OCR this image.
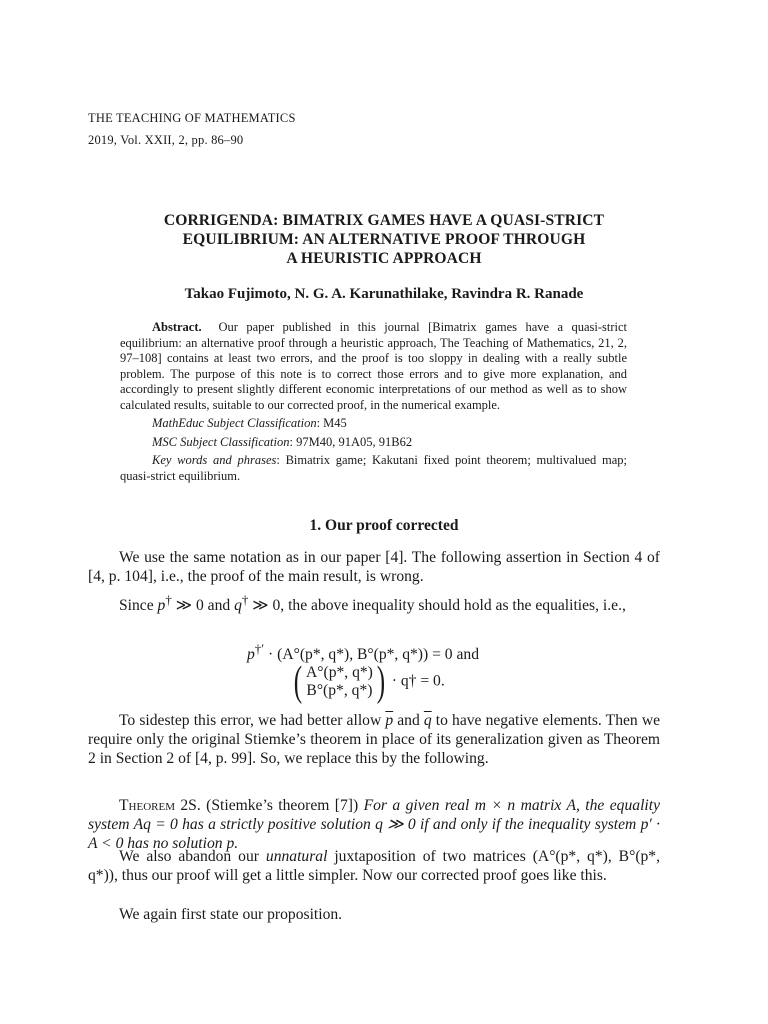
THE TEACHING OF MATHEMATICS
2019, Vol. XXII, 2, pp. 86–90
CORRIGENDA: BIMATRIX GAMES HAVE A QUASI-STRICT
EQUILIBRIUM: AN ALTERNATIVE PROOF THROUGH
A HEURISTIC APPROACH
Takao Fujimoto, N. G. A. Karunathilake, Ravindra R. Ranade

Abstract. Our paper published in this journal [Bimatrix games have a quasi-strict equilibrium: an alternative proof through a heuristic approach, The Teaching of Mathematics, 21, 2, 97–108] contains at least two errors, and the proof is too sloppy in dealing with a really subtle problem. The purpose of this note is to correct those errors and to give more explanation, and accordingly to present slightly different economic interpretations of our method as well as to show calculated results, suitable to our corrected proof, in the numerical example.

MathEduc Subject Classification: M45

MSC Subject Classification: 97M40, 91A05, 91B62

Key words and phrases: Bimatrix game; Kakutani fixed point theorem; multivalued map; quasi-strict equilibrium.

1. Our proof corrected

We use the same notation as in our paper [4]. The following assertion in Section 4 of [4, p. 104], i.e., the proof of the main result, is wrong.

Since p† ≫ 0 and q† ≫ 0, the above inequality should hold as the equalities, i.e.,

p†′ · (A°(p*, q*), B°(p*, q*)) = 0 and
( A°(p*, q*)
B°(p*, q*) ) · q† = 0.

To sidestep this error, we had better allow $\overline{p}$ and $\overline{q}$ to have negative elements. Then we require only the original Stiemke’s theorem in place of its generalization given as Theorem 2 in Section 2 of [4, p. 99]. So, we replace this by the following.

Theorem 2S. (Stiemke’s theorem [7]) For a given real m × n matrix A, the equality system Aq = 0 has a strictly positive solution q ≫ 0 if and only if the inequality system p′ · A < 0 has no solution p.

We also abandon our unnatural juxtaposition of two matrices (A°(p*, q*), B°(p*, q*)), thus our proof will get a little simpler. Now our corrected proof goes like this.

We again first state our proposition.
